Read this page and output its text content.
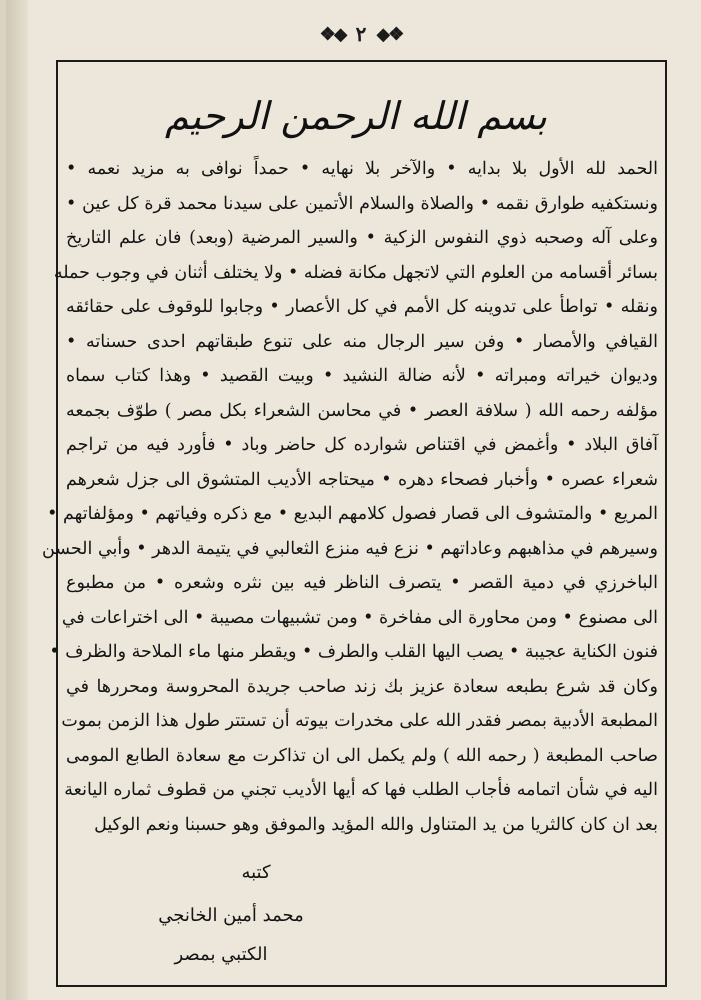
❖◆ ٢ ◆❖
بسم الله الرحمن الرحيم
الحمد لله الأول بلا بدايه • والآخر بلا نهايه • حمداً نوافى به مزيد نعمه •
ونستكفيه طوارق نقمه • والصلاة والسلام الأتمين على سيدنا محمد قرة كل عين •
وعلى آله وصحبه ذوي النفوس الزكية • والسير المرضية (وبعد) فان علم التاريخ
بسائر أقسامه من العلوم التي لاتجهل مكانة فضله • ولا يختلف أثنان في وجوب حمله
ونقله • تواطأ على تدوينه كل الأمم في كل الأعصار • وجابوا للوقوف على حقائقه
القيافي والأمصار • وفن سير الرجال منه على تنوع طبقاتهم احدى حسناته •
وديوان خيراته ومبراته • لأنه ضالة النشيد • وبيت القصيد • وهذا كتاب سماه
مؤلفه رحمه الله ( سلافة العصر • في محاسن الشعراء بكل مصر ) طوّف بجمعه
آفاق البلاد • وأغمض في اقتناص شوارده كل حاضر وباد • فأورد فيه من تراجم
شعراء عصره • وأخبار فصحاء دهره • ميحتاجه الأديب المتشوق الى جزل شعرهم
المريع • والمتشوف الى قصار فصول كلامهم البديع • مع ذكره وفياتهم • ومؤلفاتهم •
وسيرهم في مذاهبهم وعاداتهم • نزع فيه منزع الثعالبي في يتيمة الدهر • وأبي الحسن
الباخرزي في دمية القصر • يتصرف الناظر فيه بين نثره وشعره • من مطبوع
الى مصنوع • ومن محاورة الى مفاخرة • ومن تشبيهات مصيبة • الى اختراعات في
فنون الكناية عجيبة • يصب اليها القلب والطرف • ويقطر منها ماء الملاحة والظرف •
وكان قد شرع بطبعه سعادة عزيز بك زند صاحب جريدة المحروسة ومحررها في
المطبعة الأدبية بمصر فقدر الله على مخدرات بيوته أن تستتر طول هذا الزمن بموت
صاحب المطبعة ( رحمه الله ) ولم يكمل الى ان تذاكرت مع سعادة الطابع المومى
اليه في شأن اتمامه فأجاب الطلب فها كه أيها الأديب تجني من قطوف ثماره اليانعة
بعد ان كان كالثريا من يد المتناول والله المؤيد والموفق وهو حسبنا ونعم الوكيل
كتبه
محمد أمين الخانجي
الكتبي بمصر
